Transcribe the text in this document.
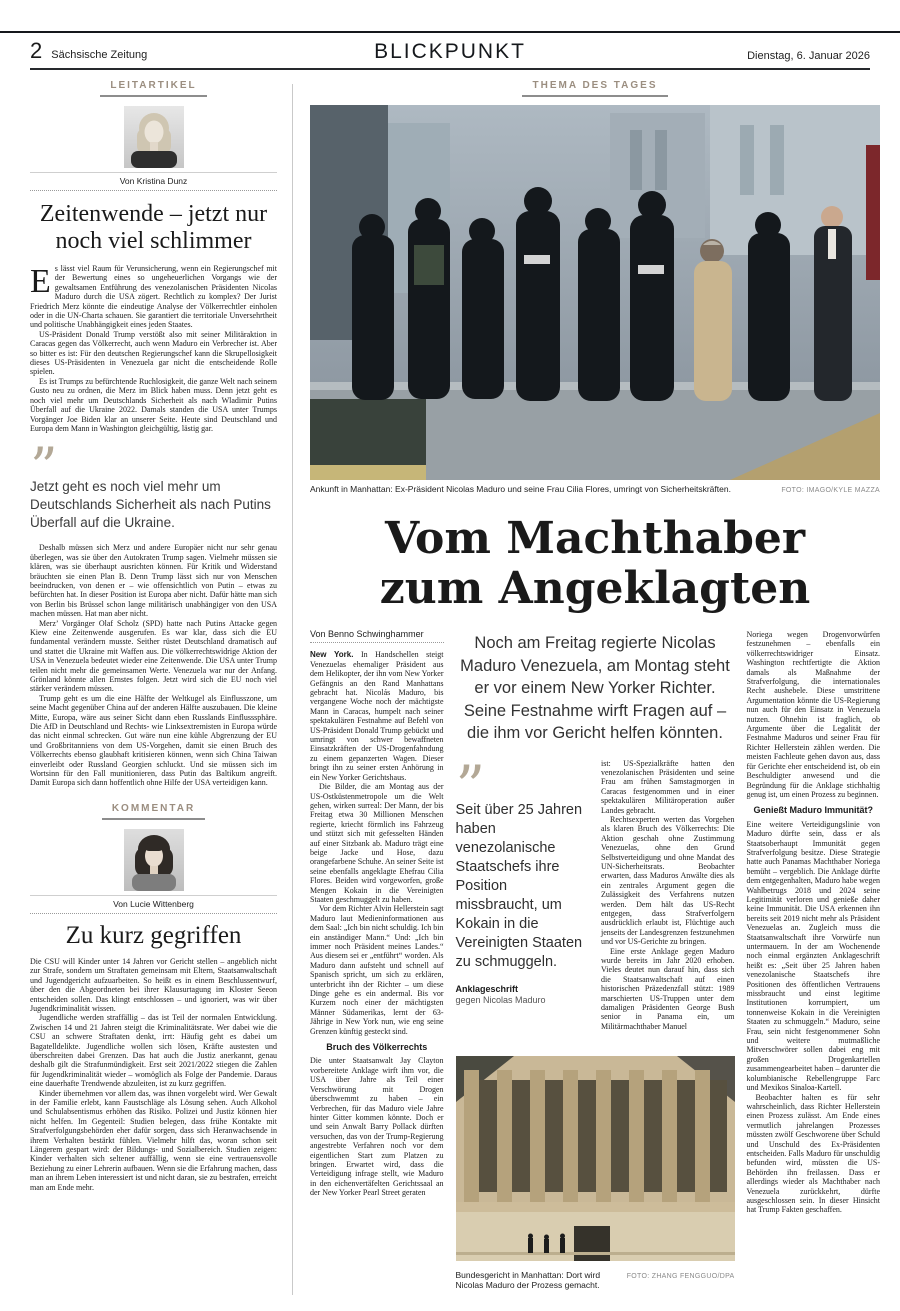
2 Sächsische Zeitung	BLICKPUNKT	Dienstag, 6. Januar 2026
LEITARTIKEL
Von Kristina Dunz
Zeitenwende – jetzt nur noch viel schlimmer

Es lässt viel Raum für Verunsicherung, wenn ein Regierungschef mit der Bewertung eines so ungeheuerlichen Vorgangs wie der gewaltsamen Entführung des venezolanischen Präsidenten Nicolas Maduro durch die USA zögert. Rechtlich zu komplex? Der Jurist Friedrich Merz könnte die eindeutige Analyse der Völkerrechtler einholen oder in die UN-Charta schauen. Sie garantiert die territoriale Unversehrtheit und politische Unabhängigkeit eines jeden Staates.

US-Präsident Donald Trump verstößt also mit seiner Militäraktion in Caracas gegen das Völkerrecht, auch wenn Maduro ein Verbrecher ist. Aber so bitter es ist: Für den deutschen Regierungschef kann die Skrupellosigkeit dieses US-Präsidenten in Venezuela gar nicht die entscheidende Rolle spielen.

Es ist Trumps zu befürchtende Ruchlosigkeit, die ganze Welt nach seinem Gusto neu zu ordnen, die Merz im Blick haben muss. Denn jetzt geht es noch viel mehr um Deutschlands Sicherheit als nach Wladimir Putins Überfall auf die Ukraine 2022. Damals standen die USA unter Trumps Vorgänger Joe Biden klar an unserer Seite. Heute sind Deutschland und Europa dem Mann in Washington gleichgültig, lästig gar.

”
Jetzt geht es noch viel mehr um Deutschlands Sicherheit als nach Putins Überfall auf die Ukraine.

Deshalb müssen sich Merz und andere Europäer nicht nur sehr genau überlegen, was sie über den Autokraten Trump sagen. Vielmehr müssen sie klären, was sie überhaupt ausrichten können. Für Kritik und Widerstand bräuchten sie einen Plan B. Denn Trump lässt sich nur von Menschen beeindrucken, von denen er – wie offensichtlich von Putin – etwas zu befürchten hat. In dieser Position ist Europa aber nicht. Dafür hätte man sich von Berlin bis Brüssel schon lange militärisch unabhängiger von den USA machen müssen. Hat man aber nicht.

Merz’ Vorgänger Olaf Scholz (SPD) hatte nach Putins Attacke gegen Kiew eine Zeitenwende ausgerufen. Es war klar, dass sich die EU fundamental verändern musste. Seither rüstet Deutschland dramatisch auf und stattet die Ukraine mit Waffen aus. Die völkerrechtswidrige Aktion der USA in Venezuela bedeutet wieder eine Zeitenwende. Die USA unter Trump teilen nicht mehr die gemeinsamen Werte. Venezuela war nur der Anfang. Grönland könnte allen Ernstes folgen. Jetzt wird sich die EU noch viel stärker verändern müssen.

Trump geht es um die eine Hälfte der Weltkugel als Einflusszone, um seine Macht gegenüber China auf der anderen Hälfte auszubauen. Die kleine Mitte, Europa, wäre aus seiner Sicht dann eben Russlands Einflusssphäre. Die AfD in Deutschland und Rechts- wie Linksextremisten in Europa würde das nicht einmal schrecken. Gut wäre nun eine kühle Abgrenzung der EU und Großbritanniens von dem US-Vorgehen, damit sie einen Bruch des Völkerrechts ebenso glaubhaft kritisieren können, wenn sich China Taiwan einverleibt oder Russland Georgien schluckt. Und sie müssen sich im Wortsinn für den Fall munitionieren, dass Putin das Baltikum angreift. Damit Europa sich dann hoffentlich ohne Hilfe der USA verteidigen kann.

KOMMENTAR
Von Lucie Wittenberg
Zu kurz gegriffen

Die CSU will Kinder unter 14 Jahren vor Gericht stellen – angeblich nicht zur Strafe, sondern um Straftaten gemeinsam mit Eltern, Staatsanwaltschaft und Jugendgericht aufzuarbeiten. So heißt es in einem Beschlussentwurf, über den die Abgeordneten bei ihrer Klausurtagung im Kloster Seeon entscheiden sollen. Das klingt entschlossen – und ignoriert, was wir über Jugendkriminalität wissen.

Jugendliche werden straffällig – das ist Teil der normalen Entwicklung. Zwischen 14 und 21 Jahren steigt die Kriminalitätsrate. Wer dabei wie die CSU an schwere Straftaten denkt, irrt: Häufig geht es dabei um Bagatelldelikte. Jugendliche wollen sich lösen, Kräfte austesten und überschreiten dabei Grenzen. Das hat auch die Justiz anerkannt, genau deshalb gilt die Strafunmündigkeit. Erst seit 2021/2022 stiegen die Zahlen für Jugendkriminalität wieder – womöglich als Folge der Pandemie. Daraus eine dauerhafte Trendwende abzuleiten, ist zu kurz gegriffen.

Kinder übernehmen vor allem das, was ihnen vorgelebt wird. Wer Gewalt in der Familie erlebt, kann Faustschläge als Lösung sehen. Auch Alkohol und Schulabsentismus erhöhen das Risiko. Polizei und Justiz können hier nicht helfen. Im Gegenteil: Studien belegen, dass frühe Kontakte mit Strafverfolgungsbehörden eher dafür sorgen, dass sich Heranwachsende in ihrem Verhalten bestärkt fühlen. Vielmehr hilft das, woran schon seit Längerem gespart wird: der Bildungs- und Sozialbereich. Studien zeigen: Kinder verhalten sich seltener auffällig, wenn sie eine vertrauensvolle Beziehung zu einer Lehrerin aufbauen. Wenn sie die Erfahrung machen, dass man an ihrem Leben interessiert ist und nicht daran, sie zu bestrafen, erreicht man am Ende mehr.

THEMA DES TAGES
Ankunft in Manhattan: Ex-Präsident Nicolas Maduro und seine Frau Cilia Flores, umringt von Sicherheitskräften.	FOTO: IMAGO/KYLE MAZZA
Vom Machthaber zum Angeklagten
Von Benno Schwinghammer

New York. In Handschellen steigt Venezuelas ehemaliger Präsident aus dem Helikopter, der ihn vom New Yorker Gefängnis an den Rand Manhattans gebracht hat. Nicolás Maduro, bis vergangene Woche noch der mächtigste Mann in Caracas, humpelt nach seiner spektakulären Festnahme auf Befehl von US-Präsident Donald Trump gebückt und umringt von schwer bewaffneten Einsatzkräften der US-Drogenfahndung zu einem gepanzerten Wagen. Dieser bringt ihn zu seiner ersten Anhörung in ein New Yorker Gerichtshaus.

Die Bilder, die am Montag aus der US-Ostküstenmetropole um die Welt gehen, wirken surreal: Der Mann, der bis Freitag etwa 30 Millionen Menschen regierte, kriecht förmlich ins Fahrzeug und stützt sich mit gefesselten Händen auf einer Sitzbank ab. Maduro trägt eine beige Jacke und Hose, dazu orangefarbene Schuhe. An seiner Seite ist seine ebenfalls angeklagte Ehefrau Cilia Flores. Beiden wird vorgeworfen, große Mengen Kokain in die Vereinigten Staaten geschmuggelt zu haben.

Vor dem Richter Alvin Hellerstein sagt Maduro laut Medieninformationen aus dem Saal: „Ich bin nicht schuldig. Ich bin ein anständiger Mann.“ Und: „Ich bin immer noch Präsident meines Landes.“ Aus diesem sei er „entführt“ worden. Als Maduro dann aufsteht und schnell auf Spanisch spricht, um sich zu erklären, unterbricht ihn der Richter – um diese Dinge gehe es ein andermal. Bis vor Kurzem noch einer der mächtigsten Männer Südamerikas, lernt der 63-Jährige in New York nun, wie eng seine Grenzen künftig gesteckt sind.

Bruch des Völkerrechts

Die unter Staatsanwalt Jay Clayton vorbereitete Anklage wirft ihm vor, die USA über Jahre als Teil einer Verschwörung mit Drogen überschwemmt zu haben – ein Verbrechen, für das Maduro viele Jahre hinter Gitter kommen könnte. Doch er und sein Anwalt Barry Pollack dürften versuchen, das von der Trump-Regierung angestrebte Verfahren noch vor dem eigentlichen Start zum Platzen zu bringen. Erwartet wird, dass die Verteidigung infrage stellt, wie Maduro in den eichenvertäfelten Gerichtssaal an der New Yorker Pearl Street geraten

Noch am Freitag regierte Nicolas Maduro Venezuela, am Montag steht er vor einem New Yorker Richter. Seine Festnahme wirft Fragen auf – die ihm vor Gericht helfen könnten.
”
Seit über 25 Jahren haben venezolanische Staatschefs ihre Position missbraucht, um Kokain in die Vereinigten Staaten zu schmuggeln.
Anklageschrift
gegen Nicolas Maduro

ist: US-Spezialkräfte hatten den venezolanischen Präsidenten und seine Frau am frühen Samstagmorgen in Caracas festgenommen und in einer spektakulären Militäroperation außer Landes gebracht.

Rechtsexperten werten das Vorgehen als klaren Bruch des Völkerrechts: Die Aktion geschah ohne Zustimmung Venezuelas, ohne den Grund Selbstverteidigung und ohne Mandat des UN-Sicherheitsrats. Beobachter erwarten, dass Maduros Anwälte dies als ein zentrales Argument gegen die Zulässigkeit des Verfahrens nutzen werden. Dem hält das US-Recht entgegen, dass Strafverfolgern ausdrücklich erlaubt ist, Flüchtige auch jenseits der Landesgrenzen festzunehmen und vor US-Gerichte zu bringen.

Eine erste Anklage gegen Maduro wurde bereits im Jahr 2020 erhoben. Vieles deutet nun darauf hin, dass sich die Staatsanwaltschaft auf einen historischen Präzedenzfall stützt: 1989 marschierten US-Truppen unter dem damaligen Präsidenten George Bush senior in Panama ein, um Militärmachthaber Manuel

Bundesgericht in Manhattan: Dort wird Nicolas Maduro der Prozess gemacht.
FOTO: ZHANG FENGGUO/DPA

Noriega wegen Drogenvorwürfen festzunehmen – ebenfalls ein völkerrechtswidriger Einsatz. Washington rechtfertigte die Aktion damals als Maßnahme der Strafverfolgung, die internationales Recht aushebele. Diese umstrittene Argumentation könnte die US-Regierung nun auch für den Einsatz in Venezuela nutzen. Ohnehin ist fraglich, ob Argumente über die Legalität der Festnahme Maduros und seiner Frau für Richter Hellerstein zählen werden. Die meisten Fachleute gehen davon aus, dass für Gerichte eher entscheidend ist, ob ein Beschuldigter anwesend und die Begründung für die Anklage stichhaltig genug ist, um einen Prozess zu beginnen.

Genießt Maduro Immunität?

Eine weitere Verteidigungslinie von Maduro dürfte sein, dass er als Staatsoberhaupt Immunität gegen Strafverfolgung besitze. Diese Strategie hatte auch Panamas Machthaber Noriega bemüht – vergeblich. Die Anklage dürfte dem entgegenhalten, Maduro habe wegen Wahlbetrugs 2018 und 2024 seine Legitimität verloren und genieße daher keine Immunität. Die USA erkennen ihn bereits seit 2019 nicht mehr als Präsident Venezuelas an. Zugleich muss die Staatsanwaltschaft ihre Vorwürfe nun untermauern. In der am Wochenende noch einmal ergänzten Anklageschrift heißt es: „Seit über 25 Jahren haben venezolanische Staatschefs ihre Positionen des öffentlichen Vertrauens missbraucht und einst legitime Institutionen korrumpiert, um tonnenweise Kokain in die Vereinigten Staaten zu schmuggeln.“ Maduro, seine Frau, sein nicht festgenommener Sohn und weitere mutmaßliche Mitverschwörer sollen dabei eng mit großen Drogenkartellen zusammengearbeitet haben – darunter die kolumbianische Rebellengruppe Farc und Mexikos Sinaloa-Kartell.

Beobachter halten es für sehr wahrscheinlich, dass Richter Hellerstein einen Prozess zulässt. Am Ende eines vermutlich jahrelangen Prozesses müssten zwölf Geschworene über Schuld und Unschuld des Ex-Präsidenten entscheiden. Falls Maduro für unschuldig befunden wird, müssten die US-Behörden ihn freilassen. Dass er allerdings wieder als Machthaber nach Venezuela zurückkehrt, dürfte ausgeschlossen sein. In dieser Hinsicht hat Trump Fakten geschaffen.
